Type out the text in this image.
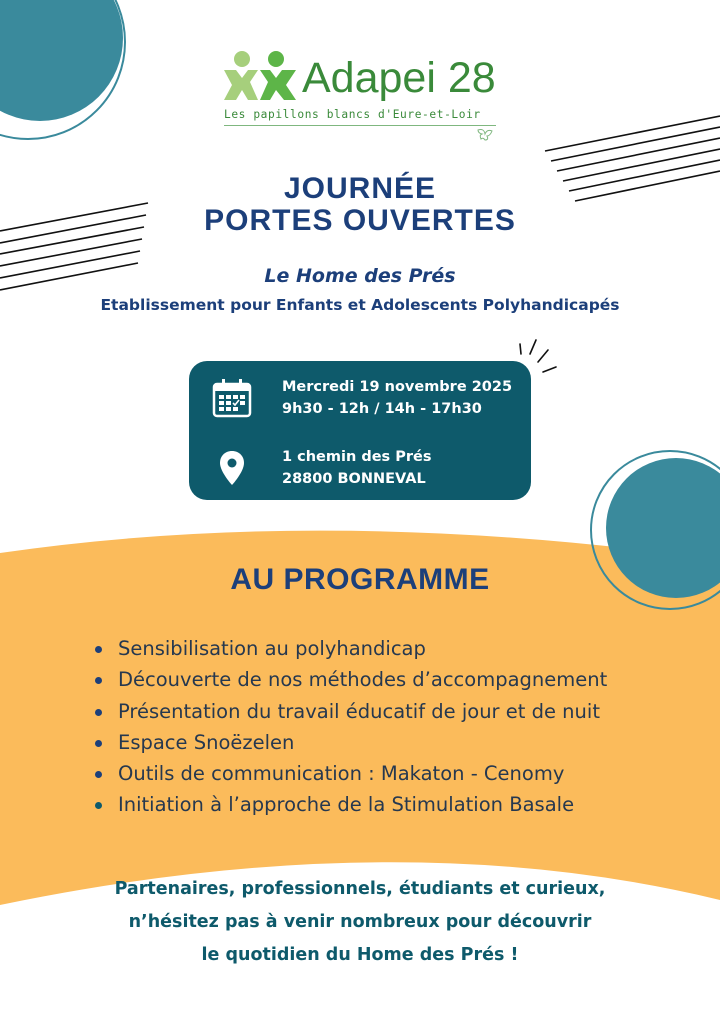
Adapei 28
Les papillons blancs d'Eure-et-Loir
JOURNÉE
PORTES OUVERTES
Le Home des Prés
Etablissement pour Enfants et Adolescents Polyhandicapés
Mercredi 19 novembre 2025
9h30 - 12h / 14h - 17h30
1 chemin des Prés
28800 BONNEVAL
AU PROGRAMME
Sensibilisation au polyhandicap
Découverte de nos méthodes d’accompagnement
Présentation du travail éducatif de jour et de nuit
Espace Snoëzelen
Outils de communication : Makaton - Cenomy
Initiation à l’approche de la Stimulation Basale
Partenaires, professionnels, étudiants et curieux,
n’hésitez pas à venir nombreux pour découvrir
le quotidien du Home des Prés !
